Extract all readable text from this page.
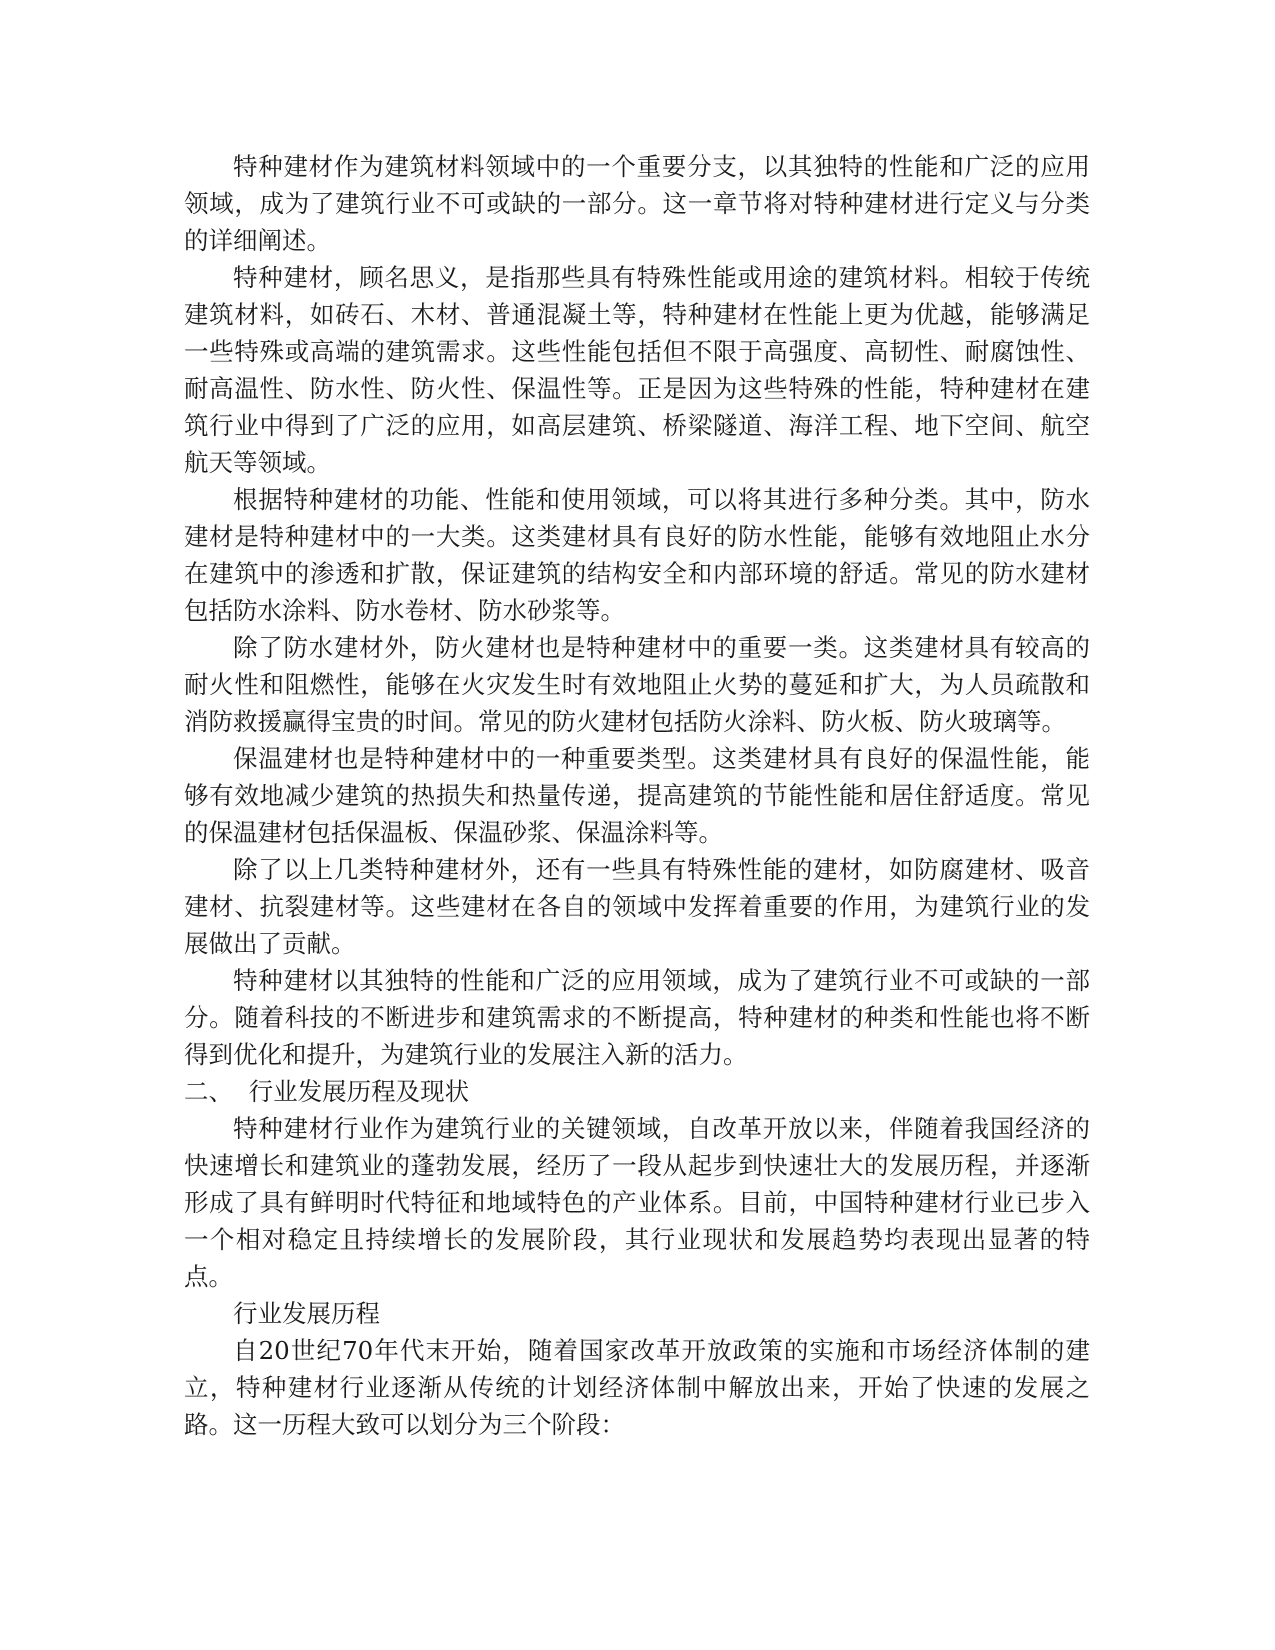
特种建材作为建筑材料领域中的一个重要分支，以其独特的性能和广泛的应用领域，成为了建筑行业不可或缺的一部分。这一章节将对特种建材进行定义与分类的详细阐述。

特种建材，顾名思义，是指那些具有特殊性能或用途的建筑材料。相较于传统建筑材料，如砖石、木材、普通混凝土等，特种建材在性能上更为优越，能够满足一些特殊或高端的建筑需求。这些性能包括但不限于高强度、高韧性、耐腐蚀性、耐高温性、防水性、防火性、保温性等。正是因为这些特殊的性能，特种建材在建筑行业中得到了广泛的应用，如高层建筑、桥梁隧道、海洋工程、地下空间、航空航天等领域。

根据特种建材的功能、性能和使用领域，可以将其进行多种分类。其中，防水建材是特种建材中的一大类。这类建材具有良好的防水性能，能够有效地阻止水分在建筑中的渗透和扩散，保证建筑的结构安全和内部环境的舒适。常见的防水建材包括防水涂料、防水卷材、防水砂浆等。

除了防水建材外，防火建材也是特种建材中的重要一类。这类建材具有较高的耐火性和阻燃性，能够在火灾发生时有效地阻止火势的蔓延和扩大，为人员疏散和消防救援赢得宝贵的时间。常见的防火建材包括防火涂料、防火板、防火玻璃等。

保温建材也是特种建材中的一种重要类型。这类建材具有良好的保温性能，能够有效地减少建筑的热损失和热量传递，提高建筑的节能性能和居住舒适度。常见的保温建材包括保温板、保温砂浆、保温涂料等。

除了以上几类特种建材外，还有一些具有特殊性能的建材，如防腐建材、吸音建材、抗裂建材等。这些建材在各自的领域中发挥着重要的作用，为建筑行业的发展做出了贡献。

特种建材以其独特的性能和广泛的应用领域，成为了建筑行业不可或缺的一部分。随着科技的不断进步和建筑需求的不断提高，特种建材的种类和性能也将不断得到优化和提升，为建筑行业的发展注入新的活力。

二、  行业发展历程及现状

特种建材行业作为建筑行业的关键领域，自改革开放以来，伴随着我国经济的快速增长和建筑业的蓬勃发展，经历了一段从起步到快速壮大的发展历程，并逐渐形成了具有鲜明时代特征和地域特色的产业体系。目前，中国特种建材行业已步入一个相对稳定且持续增长的发展阶段，其行业现状和发展趋势均表现出显著的特点。

行业发展历程

自20世纪70年代末开始，随着国家改革开放政策的实施和市场经济体制的建立，特种建材行业逐渐从传统的计划经济体制中解放出来，开始了快速的发展之路。这一历程大致可以划分为三个阶段：
